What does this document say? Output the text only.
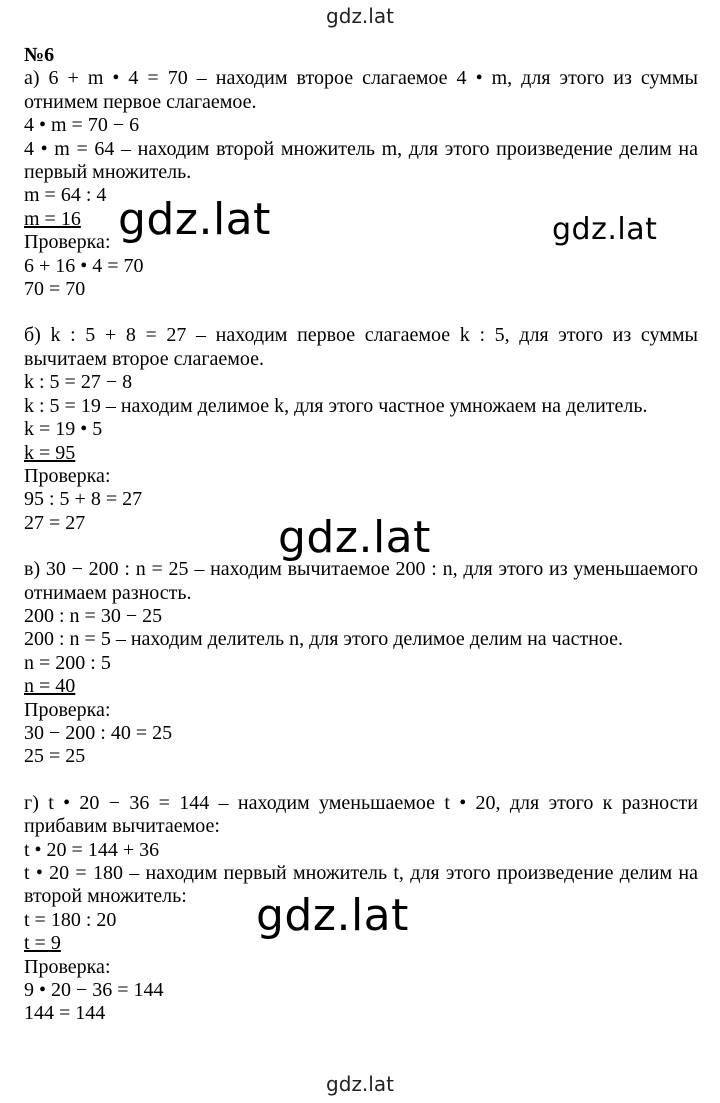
gdz.lat

№6

а) 6 + m • 4 = 70 – находим второе слагаемое 4 • m, для этого из суммы отнимем первое слагаемое.

4 • m = 70 − 6

4 • m = 64 – находим второй множитель m, для этого произведение делим на первый множитель.

m = 64 : 4

m = 16

Проверка:

6 + 16 • 4 = 70

70 = 70

б) k : 5 + 8 = 27 – находим первое слагаемое k : 5, для этого из суммы вычитаем второе слагаемое.

k : 5 = 27 − 8

k : 5 = 19 – находим делимое k, для этого частное умножаем на делитель.

k = 19 • 5

k = 95

Проверка:

95 : 5 + 8 = 27

27 = 27

в) 30 − 200 : n = 25 – находим вычитаемое 200 : n, для этого из уменьшаемого отнимаем разность.

200 : n = 30 − 25

200 : n = 5 – находим делитель n, для этого делимое делим на частное.

n = 200 : 5

n = 40

Проверка:

30 − 200 : 40 = 25

25 = 25

г) t • 20 − 36 = 144 – находим уменьшаемое t • 20, для этого к разности прибавим вычитаемое:

t • 20 = 144 + 36

t • 20 = 180 – находим первый множитель t, для этого произведение делим на второй множитель:

t = 180 : 20

t = 9

Проверка:

9 • 20 − 36 = 144

144 = 144

gdz.lat	gdz.lat
gdz.lat
gdz.lat
gdz.lat
